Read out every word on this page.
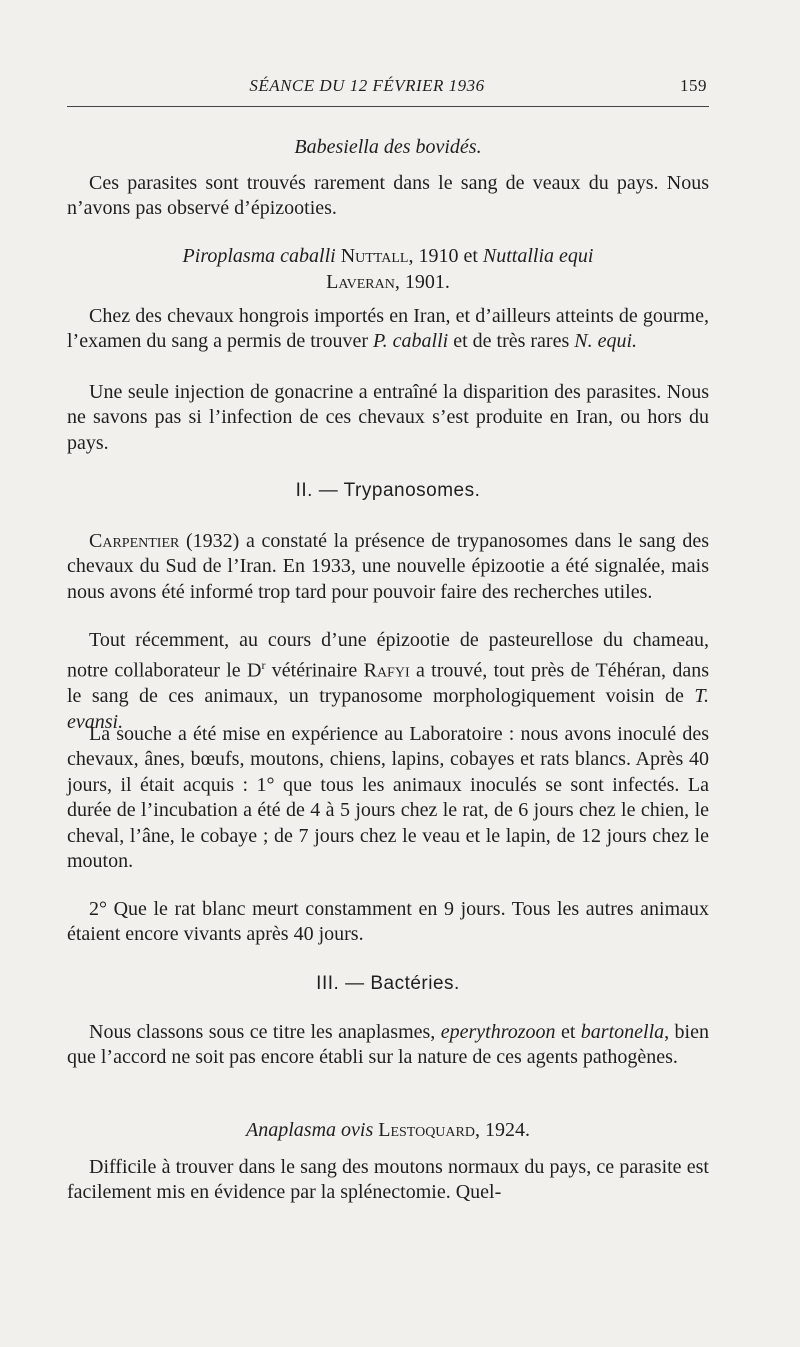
SÉANCE DU 12 FÉVRIER 1936	159
Babesiella des bovidés.

Ces parasites sont trouvés rarement dans le sang de veaux du pays. Nous n’avons pas observé d’épizooties.

Piroplasma caballi Nuttall, 1910 et Nuttallia equi
Laveran, 1901.

Chez des chevaux hongrois importés en Iran, et d’ailleurs atteints de gourme, l’examen du sang a permis de trouver P. caballi et de très rares N. equi.

Une seule injection de gonacrine a entraîné la disparition des parasites. Nous ne savons pas si l’infection de ces chevaux s’est produite en Iran, ou hors du pays.

II. — Trypanosomes.

Carpentier (1932) a constaté la présence de trypanosomes dans le sang des chevaux du Sud de l’Iran. En 1933, une nouvelle épizootie a été signalée, mais nous avons été informé trop tard pour pouvoir faire des recherches utiles.

Tout récemment, au cours d’une épizootie de pasteurellose du chameau, notre collaborateur le $D^r$ vétérinaire Rafyi a trouvé, tout près de Téhéran, dans le sang de ces animaux, un trypanosome morphologiquement voisin de T. evansi.

La souche a été mise en expérience au Laboratoire : nous avons inoculé des chevaux, ânes, bœufs, moutons, chiens, lapins, cobayes et rats blancs. Après 40 jours, il était acquis : 1° que tous les animaux inoculés se sont infectés. La durée de l’incubation a été de 4 à 5 jours chez le rat, de 6 jours chez le chien, le cheval, l’âne, le cobaye ; de 7 jours chez le veau et le lapin, de 12 jours chez le mouton.

2° Que le rat blanc meurt constamment en 9 jours. Tous les autres animaux étaient encore vivants après 40 jours.

III. — Bactéries.

Nous classons sous ce titre les anaplasmes, eperythrozoon et bartonella, bien que l’accord ne soit pas encore établi sur la nature de ces agents pathogènes.

Anaplasma ovis Lestoquard, 1924.

Difficile à trouver dans le sang des moutons normaux du pays, ce parasite est facilement mis en évidence par la splénectomie. Quel-
